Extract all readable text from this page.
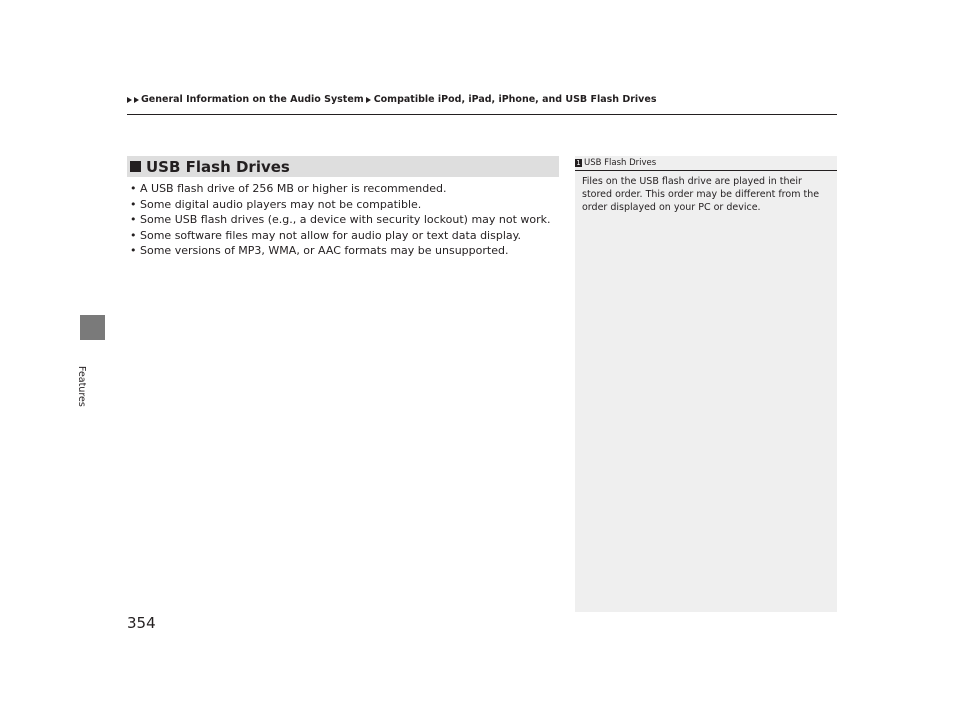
General Information on the Audio System Compatible iPod, iPad, iPhone, and USB Flash Drives
Features
USB Flash Drives
• A USB flash drive of 256 MB or higher is recommended.
• Some digital audio players may not be compatible.
• Some USB flash drives (e.g., a device with security lockout) may not work.
• Some software files may not allow for audio play or text data display.
• Some versions of MP3, WMA, or AAC formats may be unsupported.
1 USB Flash Drives
Files on the USB flash drive are played in their stored order. This order may be different from the order displayed on your PC or device.
354
